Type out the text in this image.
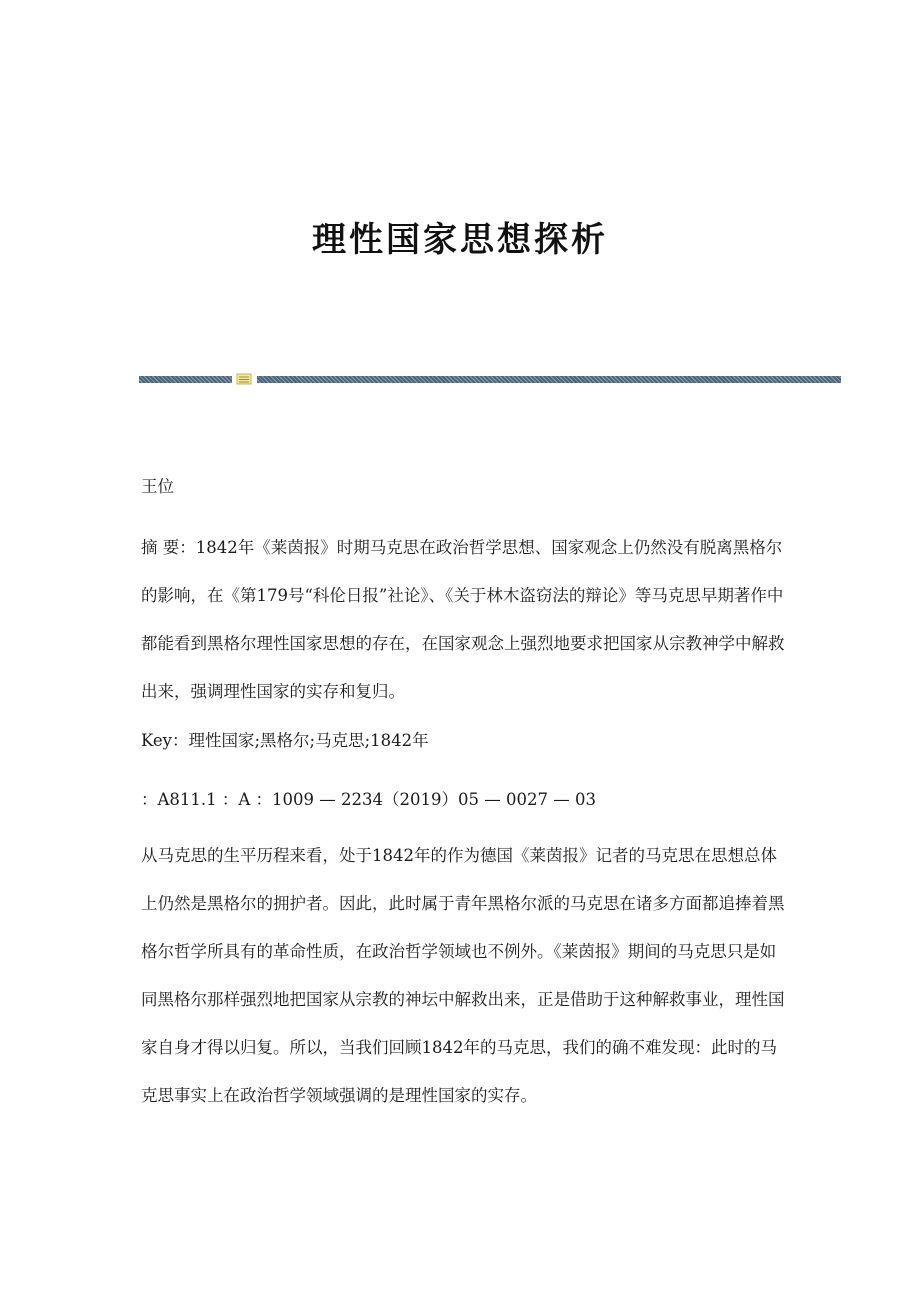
理性国家思想探析
王位

摘 要：1842年《莱茵报》时期马克思在政治哲学思想、国家观念上仍然没有脱离黑格尔的影响，在《第179号“科伦日报”社论》、《关于林木盗窃法的辩论》等马克思早期著作中都能看到黑格尔理性国家思想的存在，在国家观念上强烈地要求把国家从宗教神学中解救出来，强调理性国家的实存和复归。

Key：理性国家;黑格尔;马克思;1842年

：A811.1 ：A ：1009 — 2234（2019）05 — 0027 — 03

从马克思的生平历程来看，处于1842年的作为德国《莱茵报》记者的马克思在思想总体上仍然是黑格尔的拥护者。因此，此时属于青年黑格尔派的马克思在诸多方面都追捧着黑格尔哲学所具有的革命性质，在政治哲学领域也不例外。《莱茵报》期间的马克思只是如同黑格尔那样强烈地把国家从宗教的神坛中解救出来，正是借助于这种解救事业，理性国家自身才得以归复。所以，当我们回顾1842年的马克思，我们的确不难发现：此时的马克思事实上在政治哲学领域强调的是理性国家的实存。
